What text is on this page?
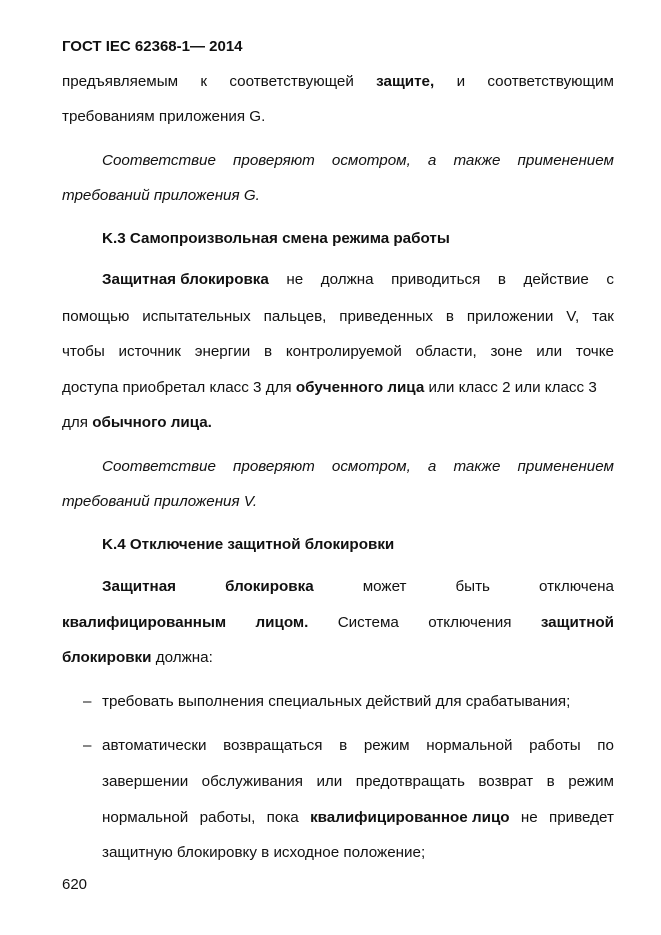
ГОСТ IEC 62368-1— 2014
предъявляемым к соответствующей защите, и соответствующим
требованиям приложения G.
Соответствие проверяют осмотром, а также применением
требований приложения G.
K.3 Самопроизвольная смена режима работы
Защитная блокировка не должна приводиться в действие с
помощью испытательных пальцев, приведенных в приложении V, так
чтобы источник энергии в контролируемой области, зоне или точке
доступа приобретал класс 3 для обученного лица или класс 2 или класс 3
для обычного лица.
Соответствие проверяют осмотром, а также применением
требований приложения V.
K.4 Отключение защитной блокировки
Защитная	блокировка	может	быть	отключена
квалифицированным лицом. Система отключения защитной
блокировки должна:
– требовать выполнения специальных действий для срабатывания;
– автоматически возвращаться в режим нормальной работы по
завершении обслуживания или предотвращать возврат в режим
нормальной работы, пока квалифицированное лицо не приведет
защитную блокировку в исходное положение;
620
